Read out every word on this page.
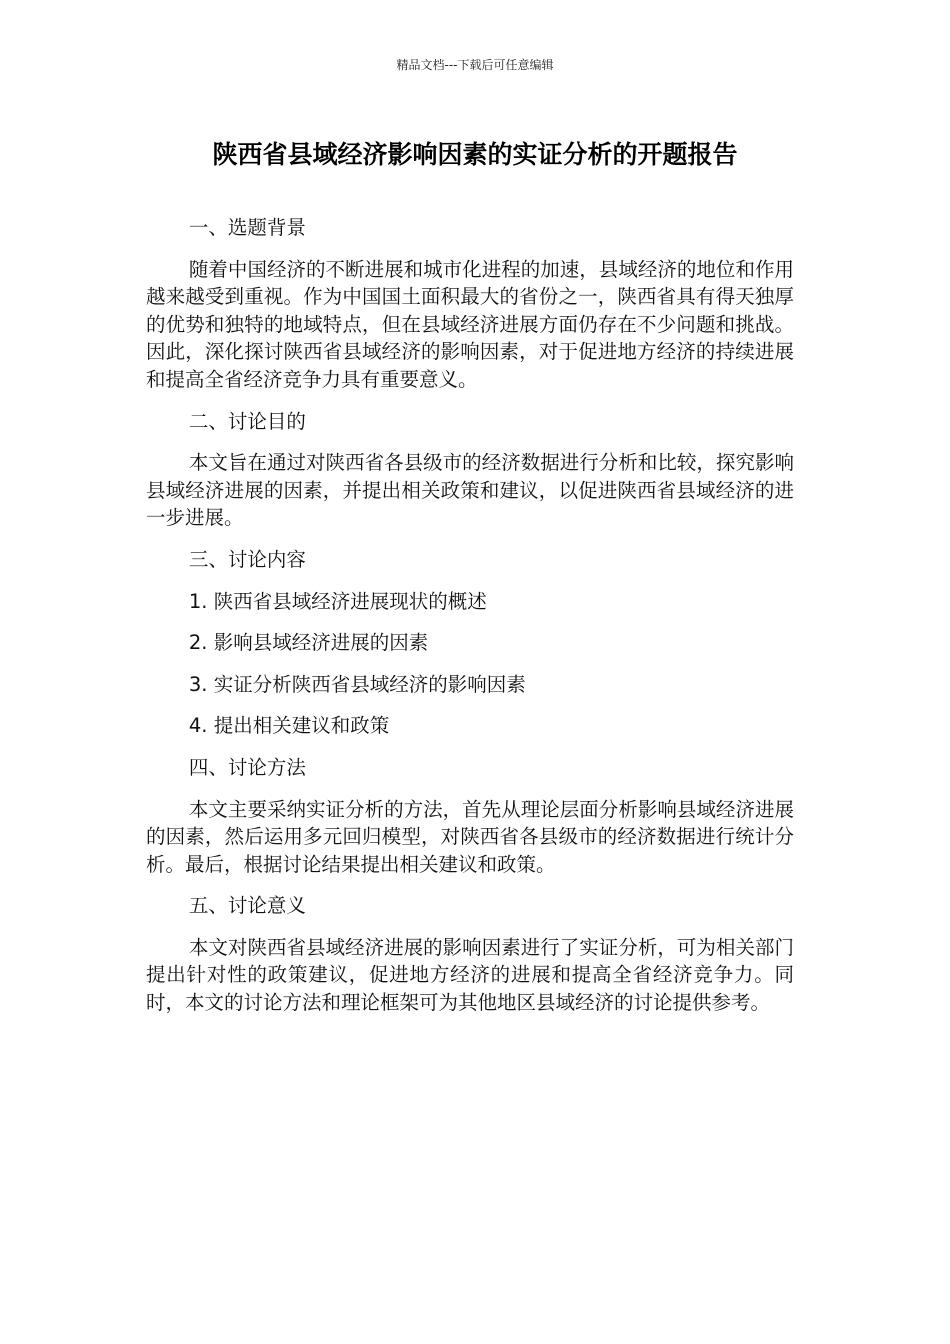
精品文档---下载后可任意编辑
陕西省县域经济影响因素的实证分析的开题报告

一、选题背景

随着中国经济的不断进展和城市化进程的加速，县域经济的地位和作用越来越受到重视。作为中国国土面积最大的省份之一，陕西省具有得天独厚的优势和独特的地域特点，但在县域经济进展方面仍存在不少问题和挑战。因此，深化探讨陕西省县域经济的影响因素，对于促进地方经济的持续进展和提高全省经济竞争力具有重要意义。

二、讨论目的

本文旨在通过对陕西省各县级市的经济数据进行分析和比较，探究影响县域经济进展的因素，并提出相关政策和建议，以促进陕西省县域经济的进一步进展。

三、讨论内容

1. 陕西省县域经济进展现状的概述

2. 影响县域经济进展的因素

3. 实证分析陕西省县域经济的影响因素

4. 提出相关建议和政策

四、讨论方法

本文主要采纳实证分析的方法，首先从理论层面分析影响县域经济进展的因素，然后运用多元回归模型，对陕西省各县级市的经济数据进行统计分析。最后，根据讨论结果提出相关建议和政策。

五、讨论意义

本文对陕西省县域经济进展的影响因素进行了实证分析，可为相关部门提出针对性的政策建议，促进地方经济的进展和提高全省经济竞争力。同时，本文的讨论方法和理论框架可为其他地区县域经济的讨论提供参考。
